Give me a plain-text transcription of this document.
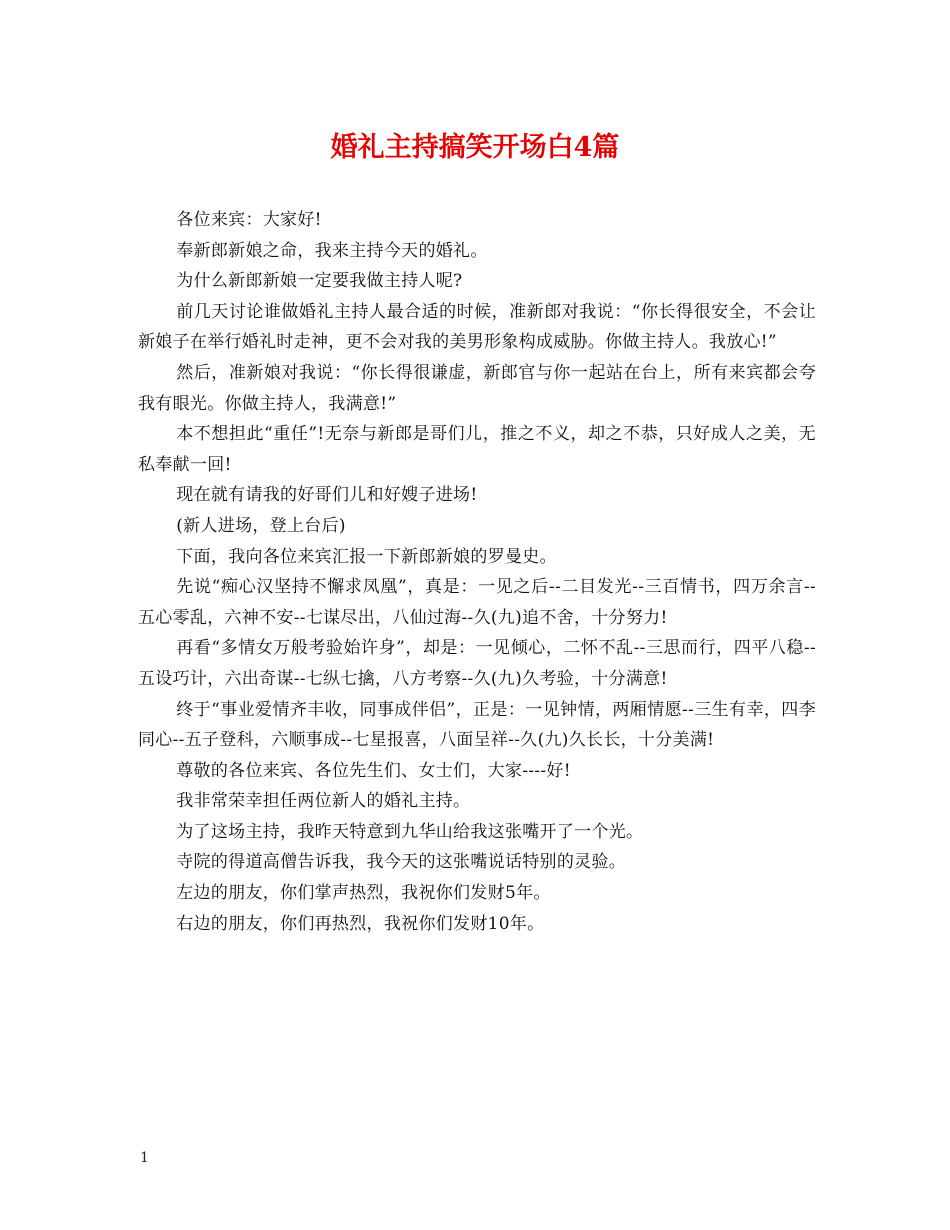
婚礼主持搞笑开场白4篇

各位来宾：大家好!

奉新郎新娘之命，我来主持今天的婚礼。

为什么新郎新娘一定要我做主持人呢?

前几天讨论谁做婚礼主持人最合适的时候，准新郎对我说：“你长得很安全，不会让新娘子在举行婚礼时走神，更不会对我的美男形象构成威胁。你做主持人。我放心!”

然后，准新娘对我说：“你长得很谦虚，新郎官与你一起站在台上，所有来宾都会夸我有眼光。你做主持人，我满意!”

本不想担此“重任”!无奈与新郎是哥们儿，推之不义，却之不恭，只好成人之美，无私奉献一回!

现在就有请我的好哥们儿和好嫂子进场!

(新人进场，登上台后)

下面，我向各位来宾汇报一下新郎新娘的罗曼史。

先说“痴心汉坚持不懈求凤凰”，真是：一见之后--二目发光--三百情书，四万余言--五心零乱，六神不安--七谋尽出，八仙过海--久(九)追不舍，十分努力!

再看“多情女万般考验始许身”，却是：一见倾心，二怀不乱--三思而行，四平八稳--五设巧计，六出奇谋--七纵七擒，八方考察--久(九)久考验，十分满意!

终于“事业爱情齐丰收，同事成伴侣”，正是：一见钟情，两厢情愿--三生有幸，四李同心--五子登科，六顺事成--七星报喜，八面呈祥--久(九)久长长，十分美满!

尊敬的各位来宾、各位先生们、女士们，大家----好!

我非常荣幸担任两位新人的婚礼主持。

为了这场主持，我昨天特意到九华山给我这张嘴开了一个光。

寺院的得道高僧告诉我，我今天的这张嘴说话特别的灵验。

左边的朋友，你们掌声热烈，我祝你们发财5年。

右边的朋友，你们再热烈，我祝你们发财10年。

1
